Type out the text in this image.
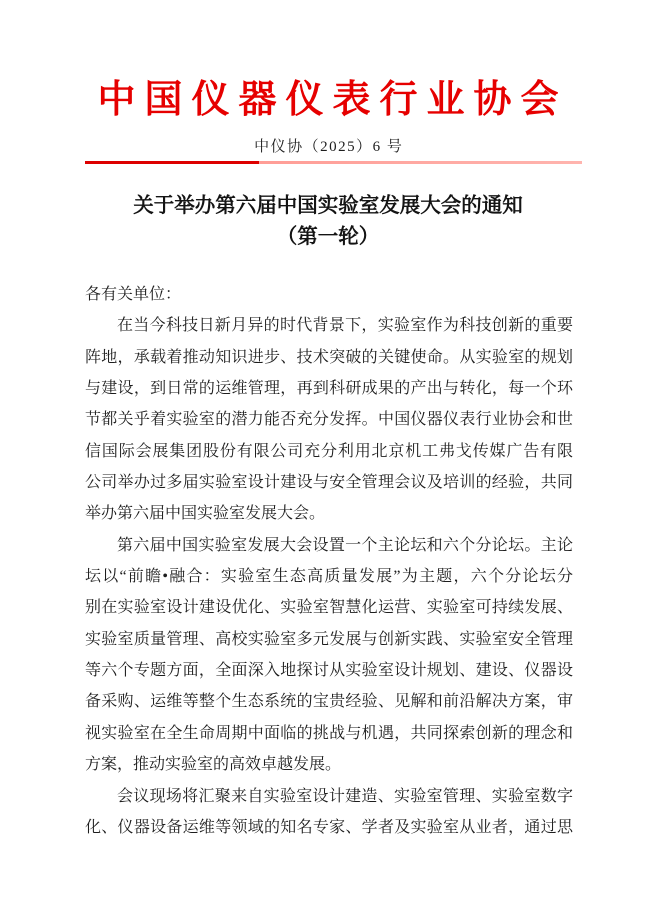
中国仪器仪表行业协会
中仪协（2025）6 号
关于举办第六届中国实验室发展大会的通知
（第一轮）
各有关单位：
在当今科技日新月异的时代背景下，实验室作为科技创新的重要
阵地，承载着推动知识进步、技术突破的关键使命。从实验室的规划
与建设，到日常的运维管理，再到科研成果的产出与转化，每一个环
节都关乎着实验室的潜力能否充分发挥。中国仪器仪表行业协会和世
信国际会展集团股份有限公司充分利用北京机工弗戈传媒广告有限
公司举办过多届实验室设计建设与安全管理会议及培训的经验，共同
举办第六届中国实验室发展大会。
第六届中国实验室发展大会设置一个主论坛和六个分论坛。主论
坛以“前瞻•融合：实验室生态高质量发展”为主题，六个分论坛分
别在实验室设计建设优化、实验室智慧化运营、实验室可持续发展、
实验室质量管理、高校实验室多元发展与创新实践、实验室安全管理
等六个专题方面，全面深入地探讨从实验室设计规划、建设、仪器设
备采购、运维等整个生态系统的宝贵经验、见解和前沿解决方案，审
视实验室在全生命周期中面临的挑战与机遇，共同探索创新的理念和
方案，推动实验室的高效卓越发展。
会议现场将汇聚来自实验室设计建造、实验室管理、实验室数字
化、仪器设备运维等领域的知名专家、学者及实验室从业者，通过思
